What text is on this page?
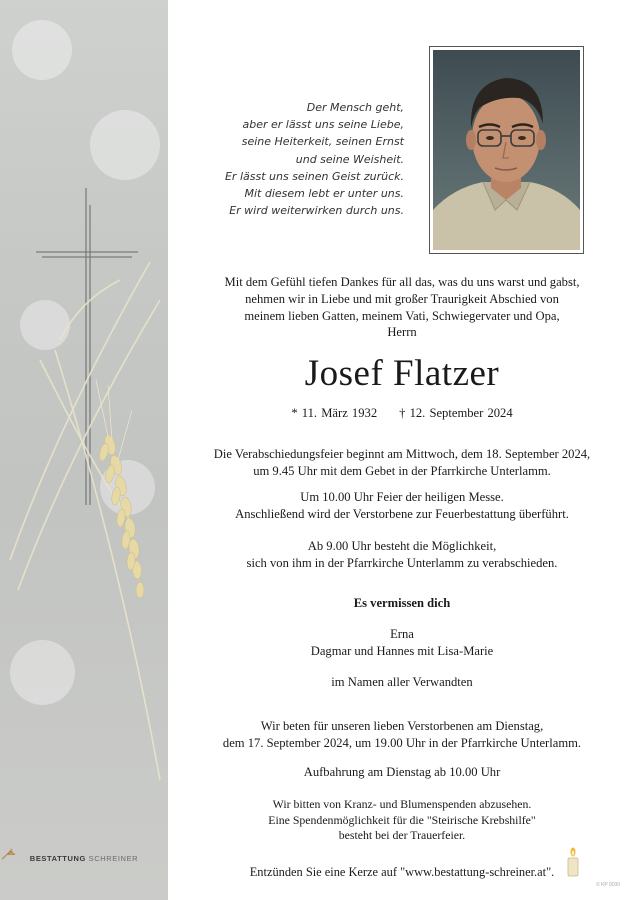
BESTATTUNG SCHREINER
Der Mensch geht,
aber er lässt uns seine Liebe,
seine Heiterkeit, seinen Ernst
und seine Weisheit.
Er lässt uns seinen Geist zurück.
Mit diesem lebt er unter uns.
Er wird weiterwirken durch uns.
Mit dem Gefühl tiefen Dankes für all das, was du uns warst und gabst,
nehmen wir in Liebe und mit großer Traurigkeit Abschied von
meinem lieben Gatten, meinem Vati, Schwiegervater und Opa,
Herrn
Josef Flatzer
* 11. März 1932 † 12. September 2024
Die Verabschiedungsfeier beginnt am Mittwoch, dem 18. September 2024,
um 9.45 Uhr mit dem Gebet in der Pfarrkirche Unterlamm.
Um 10.00 Uhr Feier der heiligen Messe.
Anschließend wird der Verstorbene zur Feuerbestattung überführt.
Ab 9.00 Uhr besteht die Möglichkeit,
sich von ihm in der Pfarrkirche Unterlamm zu verabschieden.
Es vermissen dich
Erna
Dagmar und Hannes mit Lisa-Marie
im Namen aller Verwandten
Wir beten für unseren lieben Verstorbenen am Dienstag,
dem 17. September 2024, um 19.00 Uhr in der Pfarrkirche Unterlamm.
Aufbahrung am Dienstag ab 10.00 Uhr
Wir bitten von Kranz- und Blumenspenden abzusehen.
Eine Spendenmöglichkeit für die "Steirische Krebshilfe"
besteht bei der Trauerfeier.
Entzünden Sie eine Kerze auf "www.bestattung-schreiner.at".
© KP 9030
